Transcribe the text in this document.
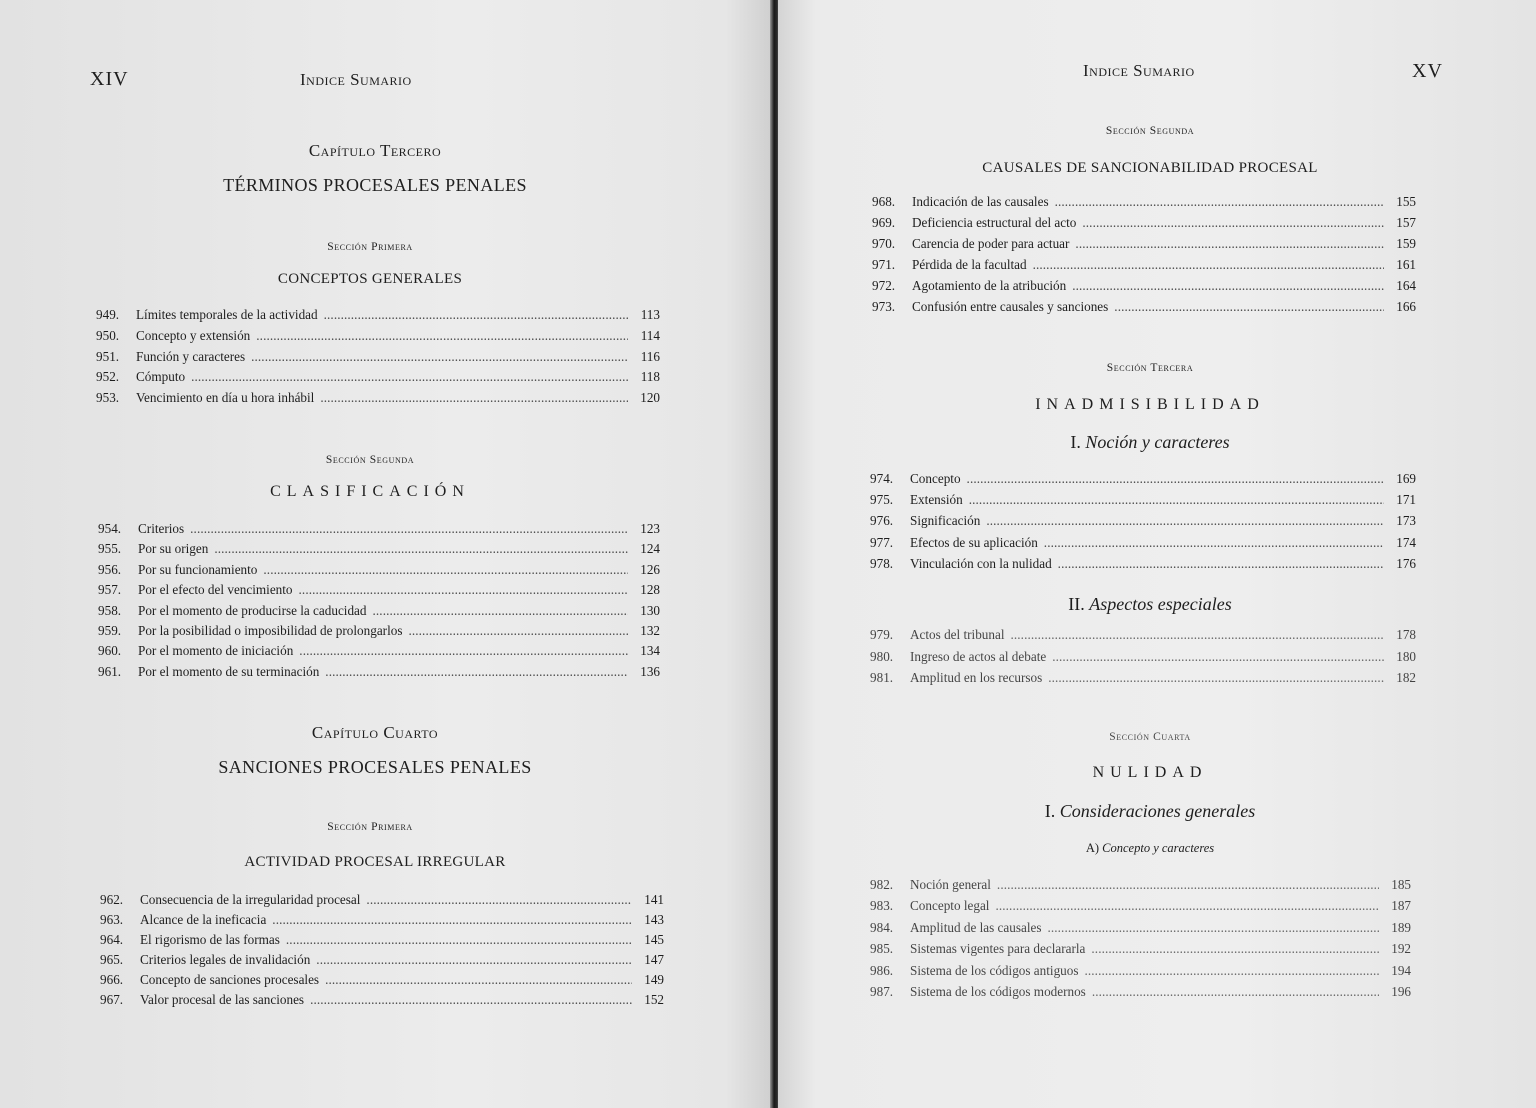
XIV	Indice Sumario
Capítulo Tercero
TÉRMINOS PROCESALES PENALES
Sección Primera
CONCEPTOS GENERALES
949.	Límites temporales de la actividad . . .	113
950.	Concepto y extensión . . .	114
951.	Función y caracteres . . .	116
952.	Cómputo . . .	118
953.	Vencimiento en día u hora inhábil . . .	120
Sección Segunda
CLASIFICACIÓN
954.	Criterios . . .	123
955.	Por su origen . . .	124
956.	Por su funcionamiento . . .	126
957.	Por el efecto del vencimiento . . .	128
958.	Por el momento de producirse la caducidad . . .	130
959.	Por la posibilidad o imposibilidad de prolongarlos . . .	132
960.	Por el momento de iniciación . . .	134
961.	Por el momento de su terminación . . .	136
Capítulo Cuarto
SANCIONES PROCESALES PENALES
Sección Primera
ACTIVIDAD PROCESAL IRREGULAR
962.	Consecuencia de la irregularidad procesal . . .	141
963.	Alcance de la ineficacia . . .	143
964.	El rigorismo de las formas . . .	145
965.	Criterios legales de invalidación . . .	147
966.	Concepto de sanciones procesales . . .	149
967.	Valor procesal de las sanciones . . .	152
Indice Sumario	XV
Sección Segunda
CAUSALES DE SANCIONABILIDAD PROCESAL
968.	Indicación de las causales . . .	155
969.	Deficiencia estructural del acto . . .	157
970.	Carencia de poder para actuar . . .	159
971.	Pérdida de la facultad . . .	161
972.	Agotamiento de la atribución . . .	164
973.	Confusión entre causales y sanciones . . .	166
Sección Tercera
INADMISIBILIDAD
I. Noción y caracteres
974.	Concepto . . .	169
975.	Extensión . . .	171
976.	Significación . . .	173
977.	Efectos de su aplicación . . .	174
978.	Vinculación con la nulidad . . .	176
II. Aspectos especiales
979.	Actos del tribunal . . .	178
980.	Ingreso de actos al debate . . .	180
981.	Amplitud en los recursos . . .	182
Sección Cuarta
NULIDAD
I. Consideraciones generales
A) Concepto y caracteres
982.	Noción general . . .	185
983.	Concepto legal . . .	187
984.	Amplitud de las causales . . .	189
985.	Sistemas vigentes para declararla . . .	192
986.	Sistema de los códigos antiguos . . .	194
987.	Sistema de los códigos modernos . . .	196
